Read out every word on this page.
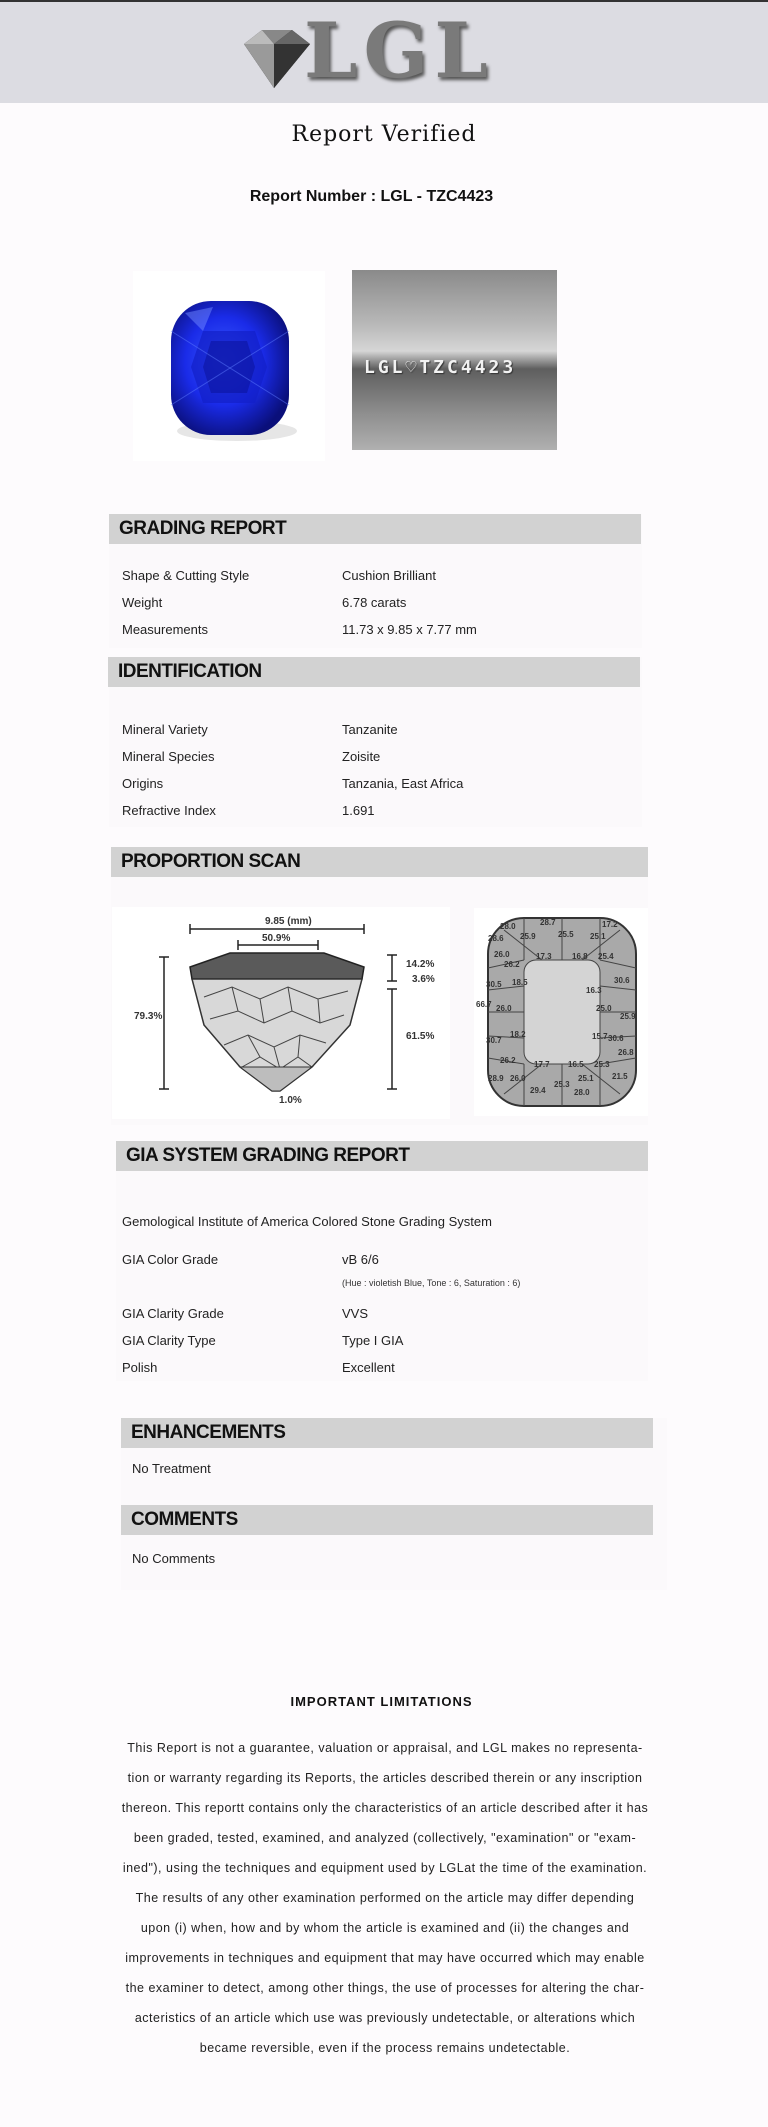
LGL
Report Verified
Report Number : LGL - TZC4423
LGL♡TZC4423
GRADING REPORT
Shape & Cutting Style	Cushion Brilliant
Weight	6.78 carats
Measurements	11.73 x 9.85 x 7.77 mm
IDENTIFICATION
Mineral Variety	Tanzanite
Mineral Species	Zoisite
Origins	Tanzania, East Africa
Refractive Index	1.691
PROPORTION SCAN
9.85 (mm)
50.9%
14.2%
3.6%
61.5%
79.3%
1.0%
28.0	28.7	17.2
28.6 25.9	25.5 25.1
26.0
26.2
17.3	16.8 25.4
30.5 18.5	30.6
16.3
66.7 26.0	25.0
25.9
18.2	15.7 30.6
30.7
26.8
26.2 17.7 16.5 25.3
28.9 26.0	25.1 21.5
29.4
25.3
28.0
GIA SYSTEM GRADING REPORT
Gemological Institute of America Colored Stone Grading System
GIA Color Grade	vB 6/6
(Hue : violetish Blue, Tone : 6, Saturation : 6)
GIA Clarity Grade	VVS
GIA Clarity Type	Type I GIA
Polish	Excellent
ENHANCEMENTS
No Treatment
COMMENTS
No Comments
IMPORTANT LIMITATIONS
This Report is not a guarantee, valuation or appraisal, and LGL makes no representa-
tion or warranty regarding its Reports, the articles described therein or any inscription
thereon. This reportt contains only the characteristics of an article described after it has
been graded, tested, examined, and analyzed (collectively, "examination" or "exam-
ined"), using the techniques and equipment used by LGLat the time of the examination.
The results of any other examination performed on the article may differ depending
upon (i) when, how and by whom the article is examined and (ii) the changes and
improvements in techniques and equipment that may have occurred which may enable
the examiner to detect, among other things, the use of processes for altering the char-
acteristics of an article which use was previously undetectable, or alterations which
became reversible, even if the process remains undetectable.
